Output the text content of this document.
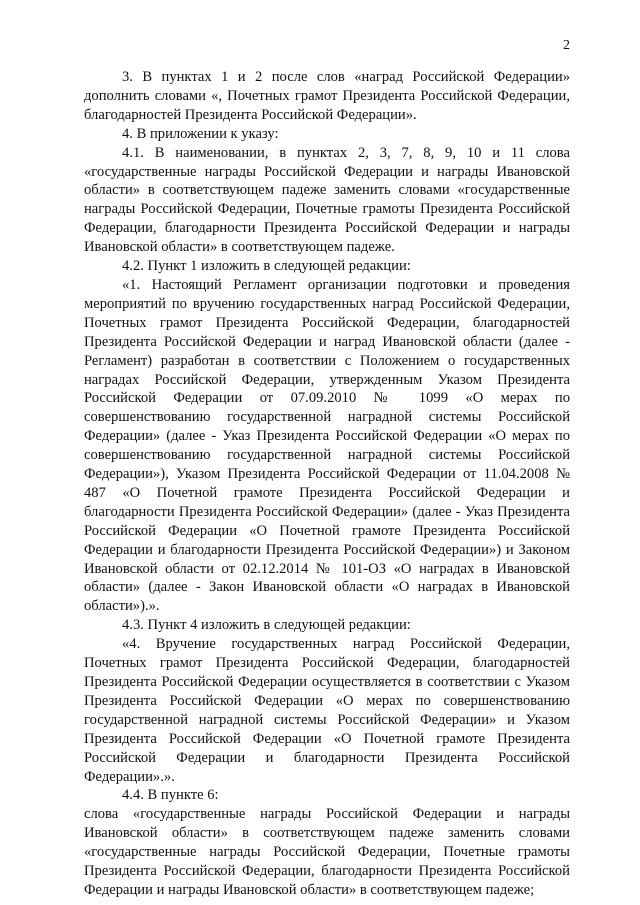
2

3. В пунктах 1 и 2 после слов «наград Российской Федерации» дополнить словами «, Почетных грамот Президента Российской Федерации, благодарностей Президента Российской Федерации».

4. В приложении к указу:

4.1. В наименовании, в пунктах 2, 3, 7, 8, 9, 10 и 11 слова «государственные награды Российской Федерации и награды Ивановской области» в соответствующем падеже заменить словами «государственные награды Российской Федерации, Почетные грамоты Президента Российской Федерации, благодарности Президента Российской Федерации и награды Ивановской области» в соответствующем падеже.

4.2. Пункт 1 изложить в следующей редакции:

«1. Настоящий Регламент организации подготовки и проведения мероприятий по вручению государственных наград Российской Федерации, Почетных грамот Президента Российской Федерации, благодарностей Президента Российской Федерации и наград Ивановской области (далее - Регламент) разработан в соответствии с Положением о государственных наградах Российской Федерации, утвержденным Указом Президента Российской Федерации от 07.09.2010 № 1099 «О мерах по совершенствованию государственной наградной системы Российской Федерации» (далее - Указ Президента Российской Федерации «О мерах по совершенствованию государственной наградной системы Российской Федерации»), Указом Президента Российской Федерации от 11.04.2008 № 487 «О Почетной грамоте Президента Российской Федерации и благодарности Президента Российской Федерации» (далее - Указ Президента Российской Федерации «О Почетной грамоте Президента Российской Федерации и благодарности Президента Российской Федерации») и Законом Ивановской области от 02.12.2014 № 101-ОЗ «О наградах в Ивановской области» (далее - Закон Ивановской области «О наградах в Ивановской области»).».

4.3. Пункт 4 изложить в следующей редакции:

«4. Вручение государственных наград Российской Федерации, Почетных грамот Президента Российской Федерации, благодарностей Президента Российской Федерации осуществляется в соответствии с Указом Президента Российской Федерации «О мерах по совершенствованию государственной наградной системы Российской Федерации» и Указом Президента Российской Федерации «О Почетной грамоте Президента Российской Федерации и благодарности Президента Российской Федерации».».

4.4. В пункте 6:

слова «государственные награды Российской Федерации и награды Ивановской области» в соответствующем падеже заменить словами «государственные награды Российской Федерации, Почетные грамоты Президента Российской Федерации, благодарности Президента Российской Федерации и награды Ивановской области» в соответствующем падеже;
